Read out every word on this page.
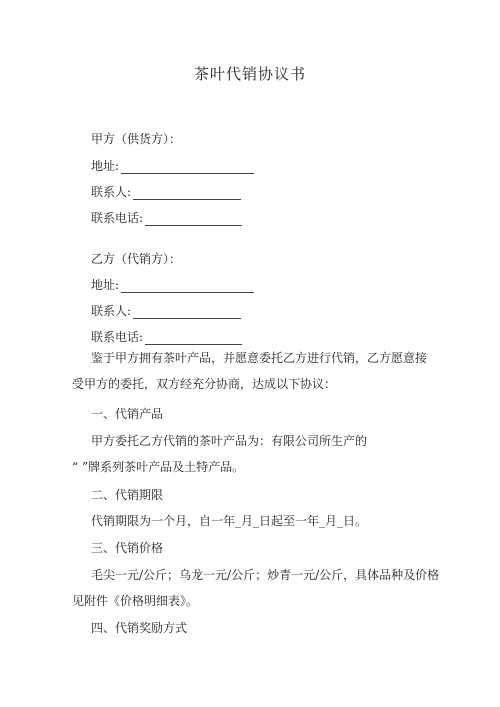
茶叶代销协议书
甲方（供货方）：
地址:
联系人:
联系电话:
乙方（代销方）：
地址:
联系人:
联系电话:
鉴于甲方拥有茶叶产品，并愿意委托乙方进行代销，乙方愿意接受甲方的委托，双方经充分协商，达成以下协议：
一、代销产品
甲方委托乙方代销的茶叶产品为：有限公司所生产的
“ ”牌系列茶叶产品及土特产品。
二、代销期限
代销期限为一个月，自一年_月_日起至一年_月_日。
三、代销价格
毛尖一元/公斤；乌龙一元/公斤；炒青一元/公斤，具体品种及价格
见附件《价格明细表》。
四、代销奖励方式
